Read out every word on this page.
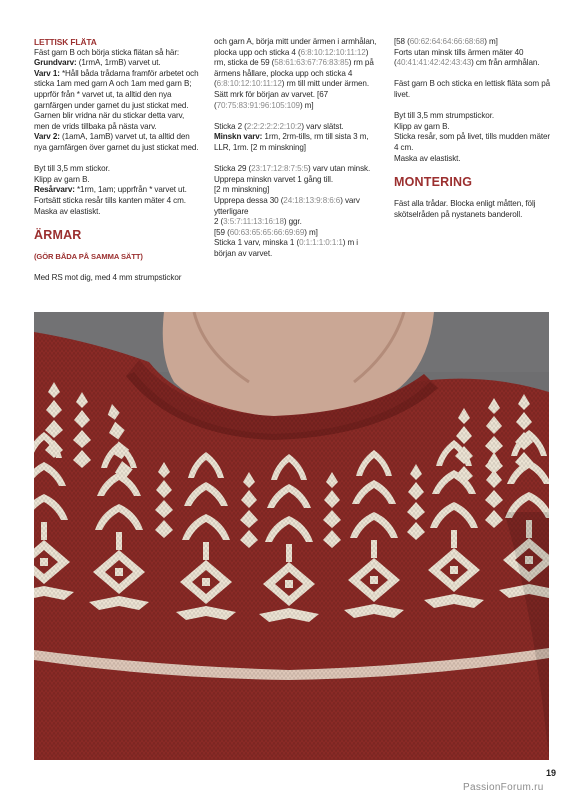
LETTISK FLÄTA

Fäst garn B och börja sticka flätan så här:

Grundvarv: (1rmA, 1rmB) varvet ut.

Varv 1: *Håll båda trådarna framför arbetet och sticka 1am med garn A och 1am med garn B; upprför från * varvet ut, ta alltid den nya garnfärgen under garnet du just stickat med. Garnen blir vridna när du stickar detta varv, men de vrids tillbaka på nästa varv.

Varv 2: (1amA, 1amB) varvet ut, ta alltid den nya garnfärgen över garnet du just stickat med.

Byt till 3,5 mm stickor.

Klipp av garn B.

Resårvarv: *1rm, 1am; upprfrån * varvet ut. Fortsätt sticka resår tills kanten mäter 4 cm. Maska av elastiskt.

ÄRMAR

(GÖR BÅDA PÅ SAMMA SÄTT)

Med RS mot dig, med 4 mm strumpstickor

och garn A, börja mitt under ärmen i armhålan, plocka upp och sticka 4 (6:8:10:12:10:11:12) rm, sticka de 59 (58:61:63:67:76:83:85) rm på ärmens hållare, plocka upp och sticka 4 (6:8:10:12:10:11:12) rm till mitt under ärmen. Sätt mrk för början av varvet. [67 (70:75:83:91:96:105:109) m]

Sticka 2 (2:2:2:2:2:2:10:2) varv slätst.

Minskn varv: 1rm, 2rm-tills, rm till sista 3 m, LLR, 1rm. [2 m minskning]

Sticka 29 (23:17:12:8:7:5:5) varv utan minsk.
Upprepa minskn varvet 1 gång till.
[2 m minskning]
Upprepa dessa 30 (24:18:13:9:8:6:6) varv ytterligare
2 (3:5:7:11:13:16:18) ggr.
[59 (60:63:65:65:66:69:69) m]
Sticka 1 varv, minska 1 (0:1:1:1:0:1:1) m i början av varvet.

[58 (60:62:64:64:66:68:68) m]
Forts utan minsk tills ärmen mäter 40 (40:41:41:42:42:43:43) cm från armhålan.

Fäst garn B och sticka en lettisk fläta som på livet.

Byt till 3,5 mm strumpstickor.
Klipp av garn B.
Sticka resår, som på livet, tills mudden mäter 4 cm.
Maska av elastiskt.

MONTERING

Fäst alla trådar. Blocka enligt måtten, följ skötselråden på nystanets banderoll.

19
PassionForum.ru
